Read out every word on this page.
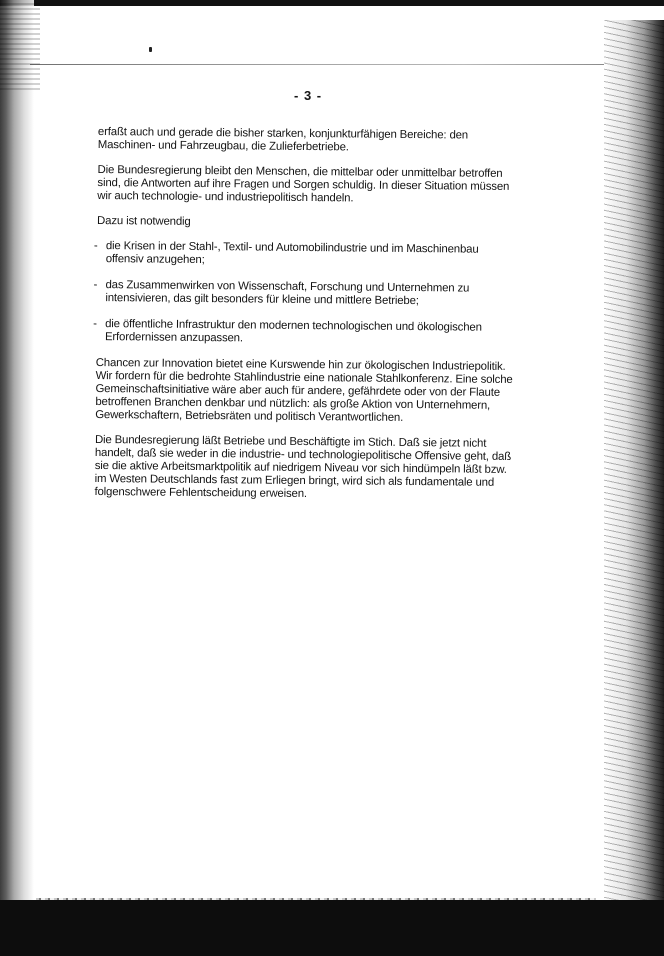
- 3 -

erfaßt auch und gerade die bisher starken, konjunkturfähigen Bereiche: den Maschinen- und Fahrzeugbau, die Zulieferbetriebe.

Die Bundesregierung bleibt den Menschen, die mittelbar oder unmittelbar betroffen sind, die Antworten auf ihre Fragen und Sorgen schuldig. In dieser Situation müssen wir auch technologie- und industriepolitisch handeln.

Dazu ist notwendig

- die Krisen in der Stahl-, Textil- und Automobilindustrie und im Maschinenbau offensiv anzugehen;
- das Zusammenwirken von Wissenschaft, Forschung und Unternehmen zu intensivieren, das gilt besonders für kleine und mittlere Betriebe;
- die öffentliche Infrastruktur den modernen technologischen und ökologischen Erfordernissen anzupassen.

Chancen zur Innovation bietet eine Kurswende hin zur ökologischen Industriepolitik. Wir fordern für die bedrohte Stahlindustrie eine nationale Stahlkonferenz. Eine solche Gemeinschaftsinitiative wäre aber auch für andere, gefährdete oder von der Flaute betroffenen Branchen denkbar und nützlich: als große Aktion von Unternehmern, Gewerkschaftern, Betriebsräten und politisch Verantwortlichen.

Die Bundesregierung läßt Betriebe und Beschäftigte im Stich. Daß sie jetzt nicht handelt, daß sie weder in die industrie- und technologiepolitische Offensive geht, daß sie die aktive Arbeitsmarktpolitik auf niedrigem Niveau vor sich hindümpeln läßt bzw. im Westen Deutschlands fast zum Erliegen bringt, wird sich als fundamentale und folgenschwere Fehlentscheidung erweisen.
